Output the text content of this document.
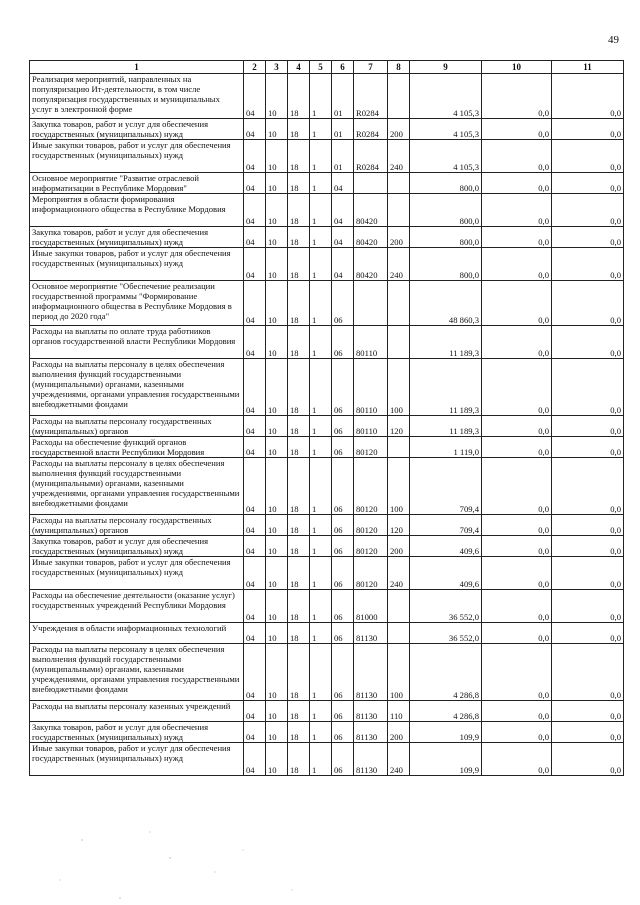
49
1	2	3	4	5	6	7	8	9	10	11
Реализация мероприятий, направленных на популяризацию Ит-деятельности, в том числе популяризация государственных и муниципальных услуг в электронной форме	04	10	18	1	01	R0284		4 105,3	0,0	0,0
Закупка товаров, работ и услуг для обеспечения государственных (муниципальных) нужд	04	10	18	1	01	R0284	200	4 105,3	0,0	0,0
Иные закупки товаров, работ и услуг для обеспечения государственных (муниципальных) нужд	04	10	18	1	01	R0284	240	4 105,3	0,0	0,0
Основное мероприятие "Развитие отраслевой информатизации в Республике Мордовия"	04	10	18	1	04			800,0	0,0	0,0
Мероприятия в области формирования информационного общества в Республике Мордовия	04	10	18	1	04	80420		800,0	0,0	0,0
Закупка товаров, работ и услуг для обеспечения государственных (муниципальных) нужд	04	10	18	1	04	80420	200	800,0	0,0	0,0
Иные закупки товаров, работ и услуг для обеспечения государственных (муниципальных) нужд	04	10	18	1	04	80420	240	800,0	0,0	0,0
Основное мероприятие "Обеспечение реализации государственной программы "Формирование информационного общества в Республике Мордовия в период до 2020 года"	04	10	18	1	06			48 860,3	0,0	0,0
Расходы на выплаты по оплате труда работников органов государственной власти Республики Мордовия	04	10	18	1	06	80110		11 189,3	0,0	0,0
Расходы на выплаты персоналу в целях обеспечения выполнения функций государственными (муниципальными) органами, казенными учреждениями, органами управления государственными внебюджетными фондами	04	10	18	1	06	80110	100	11 189,3	0,0	0,0
Расходы на выплаты персоналу государственных (муниципальных) органов	04	10	18	1	06	80110	120	11 189,3	0,0	0,0
Расходы на обеспечение функций органов государственной власти Республики Мордовия	04	10	18	1	06	80120		1 119,0	0,0	0,0
Расходы на выплаты персоналу в целях обеспечения выполнения функций государственными (муниципальными) органами, казенными учреждениями, органами управления государственными внебюджетными фондами	04	10	18	1	06	80120	100	709,4	0,0	0,0
Расходы на выплаты персоналу государственных (муниципальных) органов	04	10	18	1	06	80120	120	709,4	0,0	0,0
Закупка товаров, работ и услуг для обеспечения государственных (муниципальных) нужд	04	10	18	1	06	80120	200	409,6	0,0	0,0
Иные закупки товаров, работ и услуг для обеспечения государственных (муниципальных) нужд	04	10	18	1	06	80120	240	409,6	0,0	0,0
Расходы на обеспечение деятельности (оказание услуг) государственных учреждений Республики Мордовия	04	10	18	1	06	81000		36 552,0	0,0	0,0
Учреждения в области информационных технологий	04	10	18	1	06	81130		36 552,0	0,0	0,0
Расходы на выплаты персоналу в целях обеспечения выполнения функций государственными (муниципальными) органами, казенными учреждениями, органами управления государственными внебюджетными фондами	04	10	18	1	06	81130	100	4 286,8	0,0	0,0
Расходы на выплаты персоналу казенных учреждений	04	10	18	1	06	81130	110	4 286,8	0,0	0,0
Закупка товаров, работ и услуг для обеспечения государственных (муниципальных) нужд	04	10	18	1	06	81130	200	109,9	0,0	0,0
Иные закупки товаров, работ и услуг для обеспечения государственных (муниципальных) нужд	04	10	18	1	06	81130	240	109,9	0,0	0,0
